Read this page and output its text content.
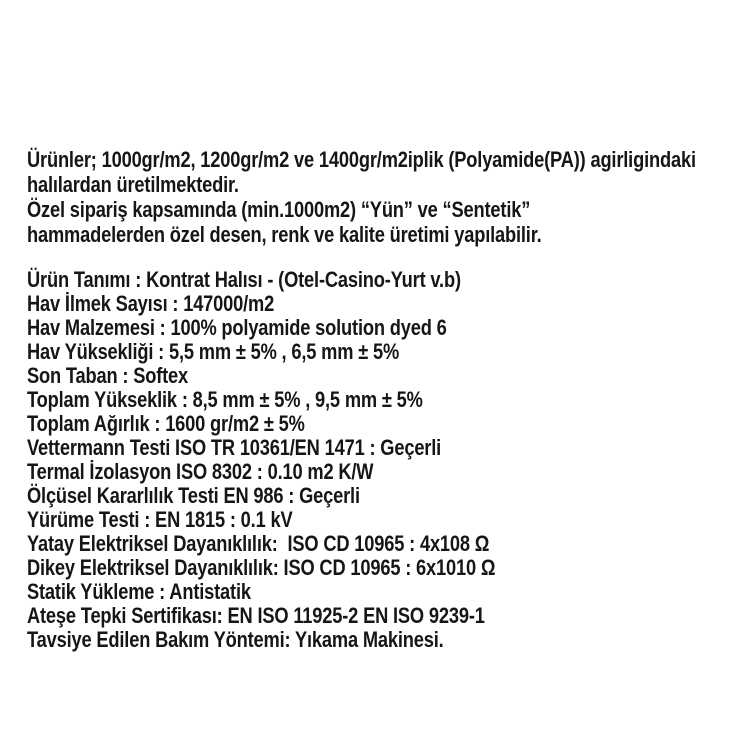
Ürünler; 1000gr/m2, 1200gr/m2 ve 1400gr/m2iplik (Polyamide(PA)) agirligindaki
halılardan üretilmektedir.
Özel sipariş kapsamında (min.1000m2) “Yün” ve “Sentetik”
hammadelerden özel desen, renk ve kalite üretimi yapılabilir.
Ürün Tanımı : Kontrat Halısı - (Otel-Casino-Yurt v.b)
Hav İlmek Sayısı : 147000/m2
Hav Malzemesi : 100% polyamide solution dyed 6
Hav Yüksekliği : 5,5 mm ± 5% , 6,5 mm ± 5%
Son Taban : Softex
Toplam Yükseklik : 8,5 mm ± 5% , 9,5 mm ± 5%
Toplam Ağırlık : 1600 gr/m2 ± 5%
Vettermann Testi ISO TR 10361/EN 1471 : Geçerli
Termal İzolasyon ISO 8302 : 0.10 m2 K/W
Ölçüsel Kararlılık Testi EN 986 : Geçerli
Yürüme Testi : EN 1815 : 0.1 kV
Yatay Elektriksel Dayanıklılık:  ISO CD 10965 : 4x108 Ω
Dikey Elektriksel Dayanıklılık: ISO CD 10965 : 6x1010 Ω
Statik Yükleme : Antistatik
Ateşe Tepki Sertifikası: EN ISO 11925-2 EN ISO 9239-1
Tavsiye Edilen Bakım Yöntemi: Yıkama Makinesi.
